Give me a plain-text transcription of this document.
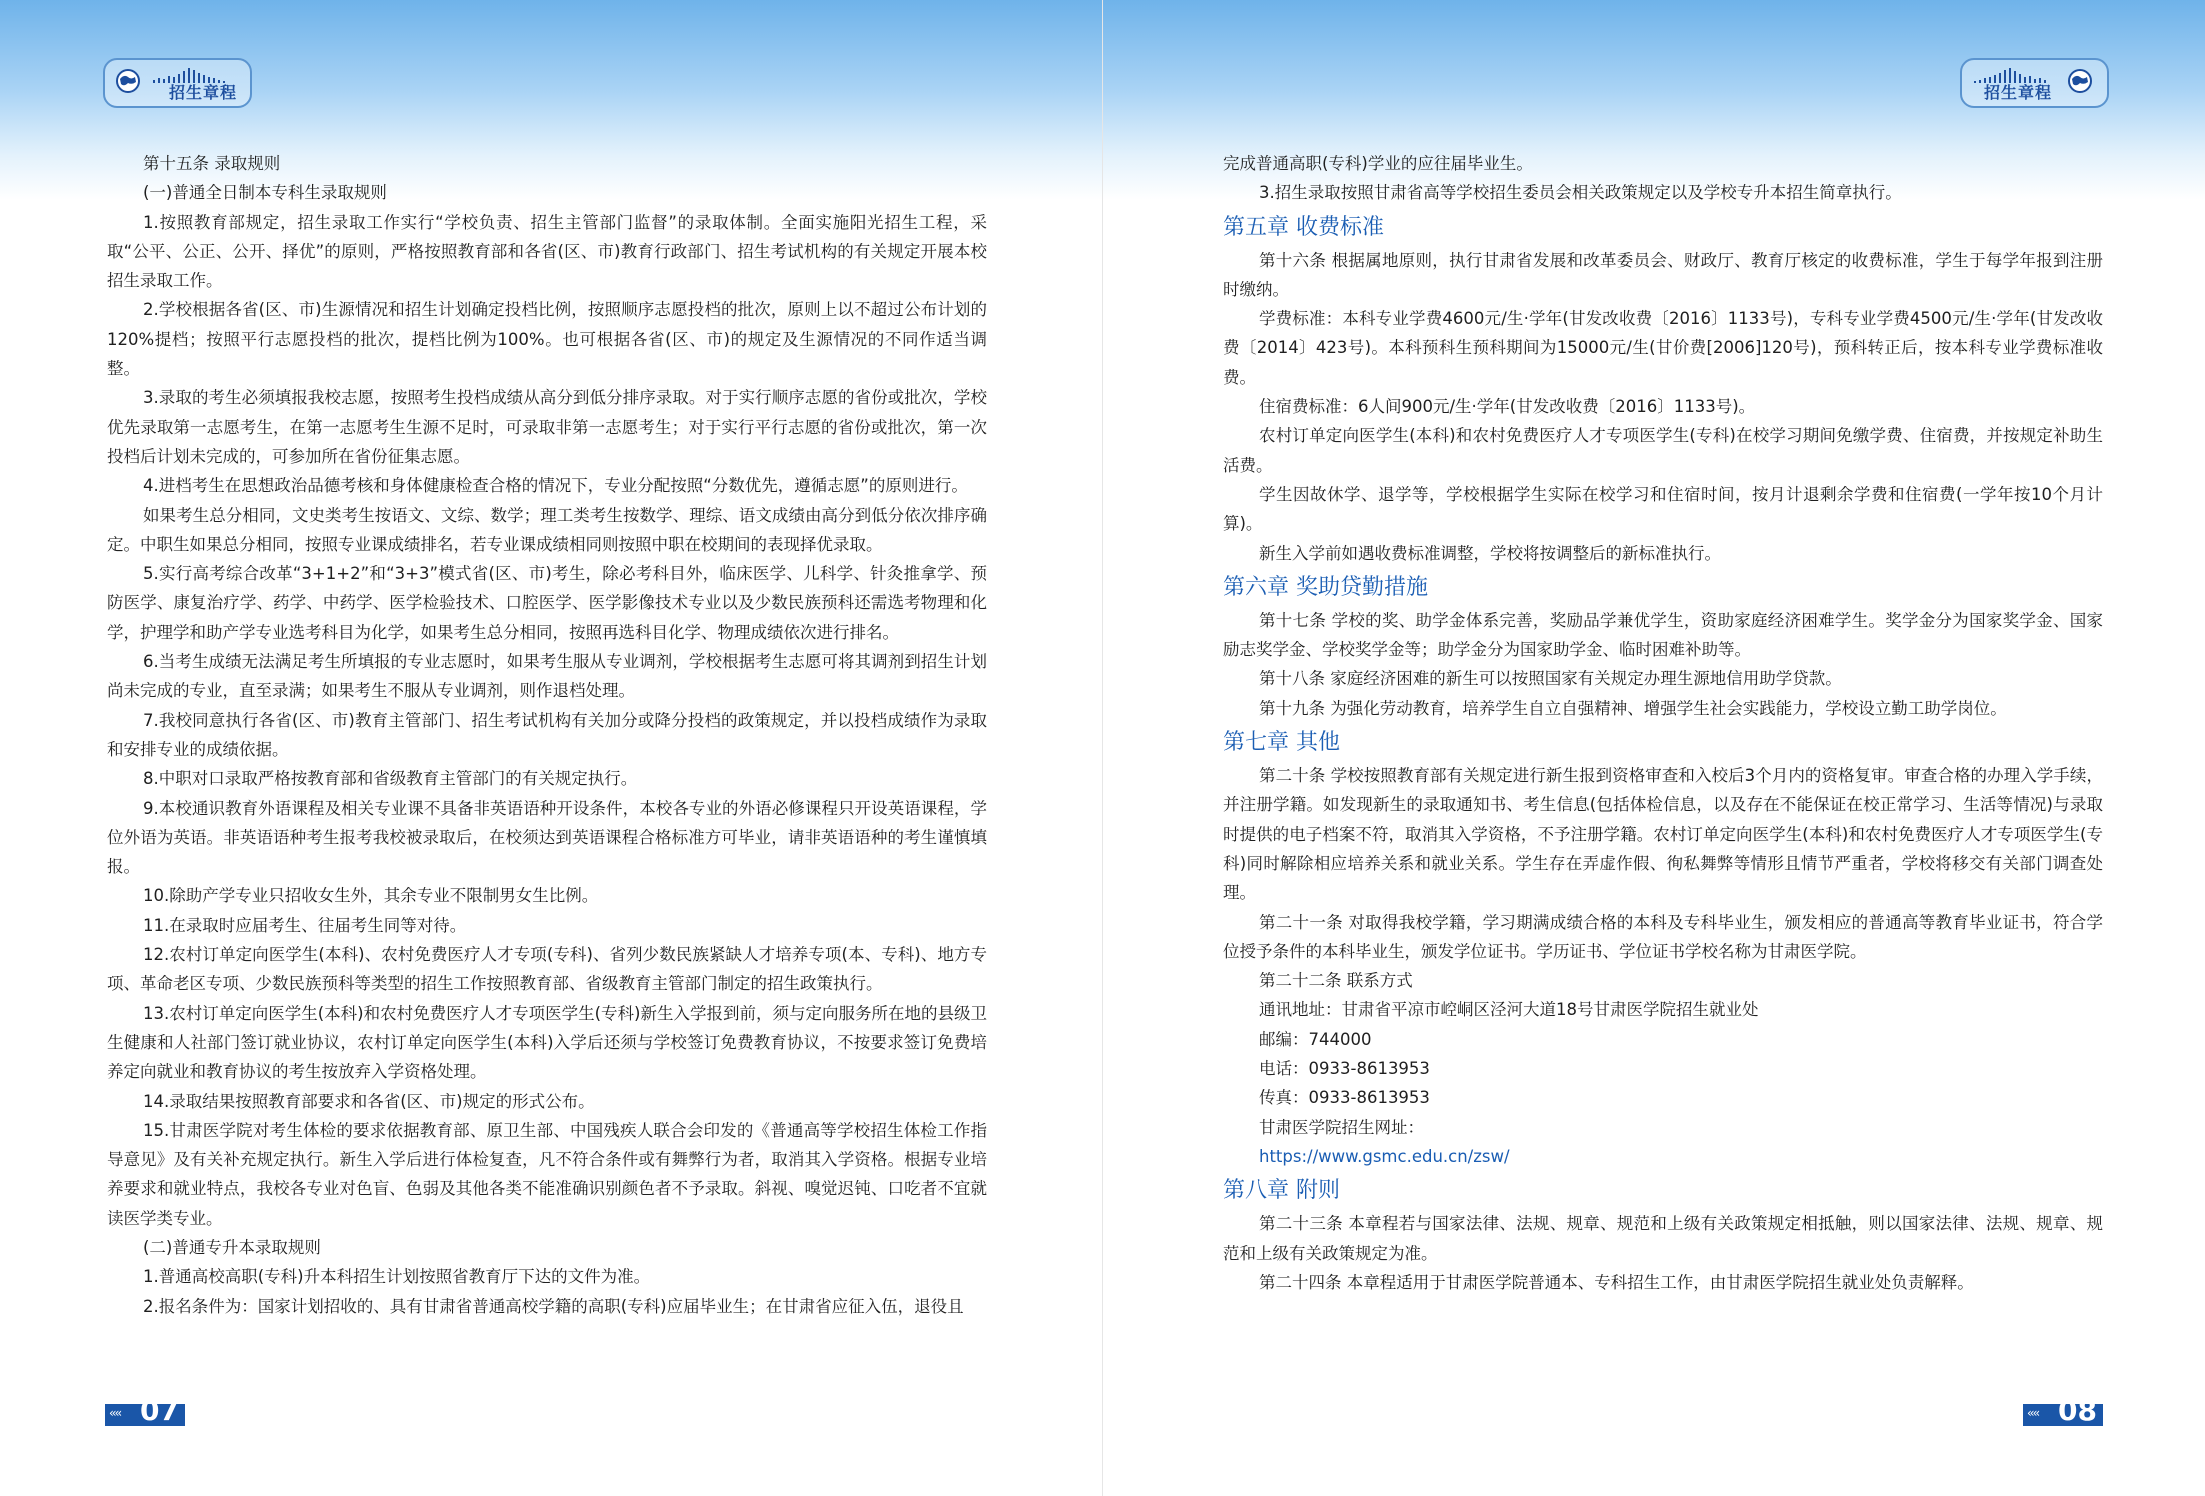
招生章程

第十五条 录取规则

(一)普通全日制本专科生录取规则

1.按照教育部规定，招生录取工作实行“学校负责、招生主管部门监督”的录取体制。全面实施阳光招生工程，采取“公平、公正、公开、择优”的原则，严格按照教育部和各省(区、市)教育行政部门、招生考试机构的有关规定开展本校招生录取工作。

2.学校根据各省(区、市)生源情况和招生计划确定投档比例，按照顺序志愿投档的批次，原则上以不超过公布计划的120%提档；按照平行志愿投档的批次，提档比例为100%。也可根据各省(区、市)的规定及生源情况的不同作适当调整。

3.录取的考生必须填报我校志愿，按照考生投档成绩从高分到低分排序录取。对于实行顺序志愿的省份或批次，学校优先录取第一志愿考生，在第一志愿考生生源不足时，可录取非第一志愿考生；对于实行平行志愿的省份或批次，第一次投档后计划未完成的，可参加所在省份征集志愿。

4.进档考生在思想政治品德考核和身体健康检查合格的情况下，专业分配按照“分数优先，遵循志愿”的原则进行。

如果考生总分相同，文史类考生按语文、文综、数学；理工类考生按数学、理综、语文成绩由高分到低分依次排序确定。中职生如果总分相同，按照专业课成绩排名，若专业课成绩相同则按照中职在校期间的表现择优录取。

5.实行高考综合改革“3+1+2”和“3+3”模式省(区、市)考生，除必考科目外，临床医学、儿科学、针灸推拿学、预防医学、康复治疗学、药学、中药学、医学检验技术、口腔医学、医学影像技术专业以及少数民族预科还需选考物理和化学，护理学和助产学专业选考科目为化学，如果考生总分相同，按照再选科目化学、物理成绩依次进行排名。

6.当考生成绩无法满足考生所填报的专业志愿时，如果考生服从专业调剂，学校根据考生志愿可将其调剂到招生计划尚未完成的专业，直至录满；如果考生不服从专业调剂，则作退档处理。

7.我校同意执行各省(区、市)教育主管部门、招生考试机构有关加分或降分投档的政策规定，并以投档成绩作为录取和安排专业的成绩依据。

8.中职对口录取严格按教育部和省级教育主管部门的有关规定执行。

9.本校通识教育外语课程及相关专业课不具备非英语语种开设条件，本校各专业的外语必修课程只开设英语课程，学位外语为英语。非英语语种考生报考我校被录取后，在校须达到英语课程合格标准方可毕业，请非英语语种的考生谨慎填报。

10.除助产学专业只招收女生外，其余专业不限制男女生比例。

11.在录取时应届考生、往届考生同等对待。

12.农村订单定向医学生(本科)、农村免费医疗人才专项(专科)、省列少数民族紧缺人才培养专项(本、专科)、地方专项、革命老区专项、少数民族预科等类型的招生工作按照教育部、省级教育主管部门制定的招生政策执行。

13.农村订单定向医学生(本科)和农村免费医疗人才专项医学生(专科)新生入学报到前，须与定向服务所在地的县级卫生健康和人社部门签订就业协议，农村订单定向医学生(本科)入学后还须与学校签订免费教育协议，不按要求签订免费培养定向就业和教育协议的考生按放弃入学资格处理。

14.录取结果按照教育部要求和各省(区、市)规定的形式公布。

15.甘肃医学院对考生体检的要求依据教育部、原卫生部、中国残疾人联合会印发的《普通高等学校招生体检工作指导意见》及有关补充规定执行。新生入学后进行体检复查，凡不符合条件或有舞弊行为者，取消其入学资格。根据专业培养要求和就业特点，我校各专业对色盲、色弱及其他各类不能准确识别颜色者不予录取。斜视、嗅觉迟钝、口吃者不宜就读医学类专业。

(二)普通专升本录取规则

1.普通高校高职(专科)升本科招生计划按照省教育厅下达的文件为准。

2.报名条件为：国家计划招收的、具有甘肃省普通高校学籍的高职(专科)应届毕业生；在甘肃省应征入伍，退役且

‹‹‹‹ 07
招生章程

完成普通高职(专科)学业的应往届毕业生。

3.招生录取按照甘肃省高等学校招生委员会相关政策规定以及学校专升本招生简章执行。

第五章 收费标准

第十六条 根据属地原则，执行甘肃省发展和改革委员会、财政厅、教育厅核定的收费标准，学生于每学年报到注册时缴纳。

学费标准：本科专业学费4600元/生·学年(甘发改收费〔2016〕1133号)，专科专业学费4500元/生·学年(甘发改收费〔2014〕423号)。本科预科生预科期间为15000元/生(甘价费[2006]120号)，预科转正后，按本科专业学费标准收费。

住宿费标准：6人间900元/生·学年(甘发改收费〔2016〕1133号)。

农村订单定向医学生(本科)和农村免费医疗人才专项医学生(专科)在校学习期间免缴学费、住宿费，并按规定补助生活费。

学生因故休学、退学等，学校根据学生实际在校学习和住宿时间，按月计退剩余学费和住宿费(一学年按10个月计算)。

新生入学前如遇收费标准调整，学校将按调整后的新标准执行。

第六章 奖助贷勤措施

第十七条 学校的奖、助学金体系完善，奖励品学兼优学生，资助家庭经济困难学生。奖学金分为国家奖学金、国家励志奖学金、学校奖学金等；助学金分为国家助学金、临时困难补助等。

第十八条 家庭经济困难的新生可以按照国家有关规定办理生源地信用助学贷款。

第十九条 为强化劳动教育，培养学生自立自强精神、增强学生社会实践能力，学校设立勤工助学岗位。

第七章 其他

第二十条 学校按照教育部有关规定进行新生报到资格审查和入校后3个月内的资格复审。审查合格的办理入学手续，并注册学籍。如发现新生的录取通知书、考生信息(包括体检信息，以及存在不能保证在校正常学习、生活等情况)与录取时提供的电子档案不符，取消其入学资格，不予注册学籍。农村订单定向医学生(本科)和农村免费医疗人才专项医学生(专科)同时解除相应培养关系和就业关系。学生存在弄虚作假、徇私舞弊等情形且情节严重者，学校将移交有关部门调查处理。

第二十一条 对取得我校学籍，学习期满成绩合格的本科及专科毕业生，颁发相应的普通高等教育毕业证书，符合学位授予条件的本科毕业生，颁发学位证书。学历证书、学位证书学校名称为甘肃医学院。

第二十二条 联系方式

通讯地址：甘肃省平凉市崆峒区泾河大道18号甘肃医学院招生就业处

邮编：744000

电话：0933-8613953

传真：0933-8613953

甘肃医学院招生网址：

https://www.gsmc.edu.cn/zsw/

第八章 附则

第二十三条 本章程若与国家法律、法规、规章、规范和上级有关政策规定相抵触，则以国家法律、法规、规章、规范和上级有关政策规定为准。

第二十四条 本章程适用于甘肃医学院普通本、专科招生工作，由甘肃医学院招生就业处负责解释。

‹‹‹‹ 08
